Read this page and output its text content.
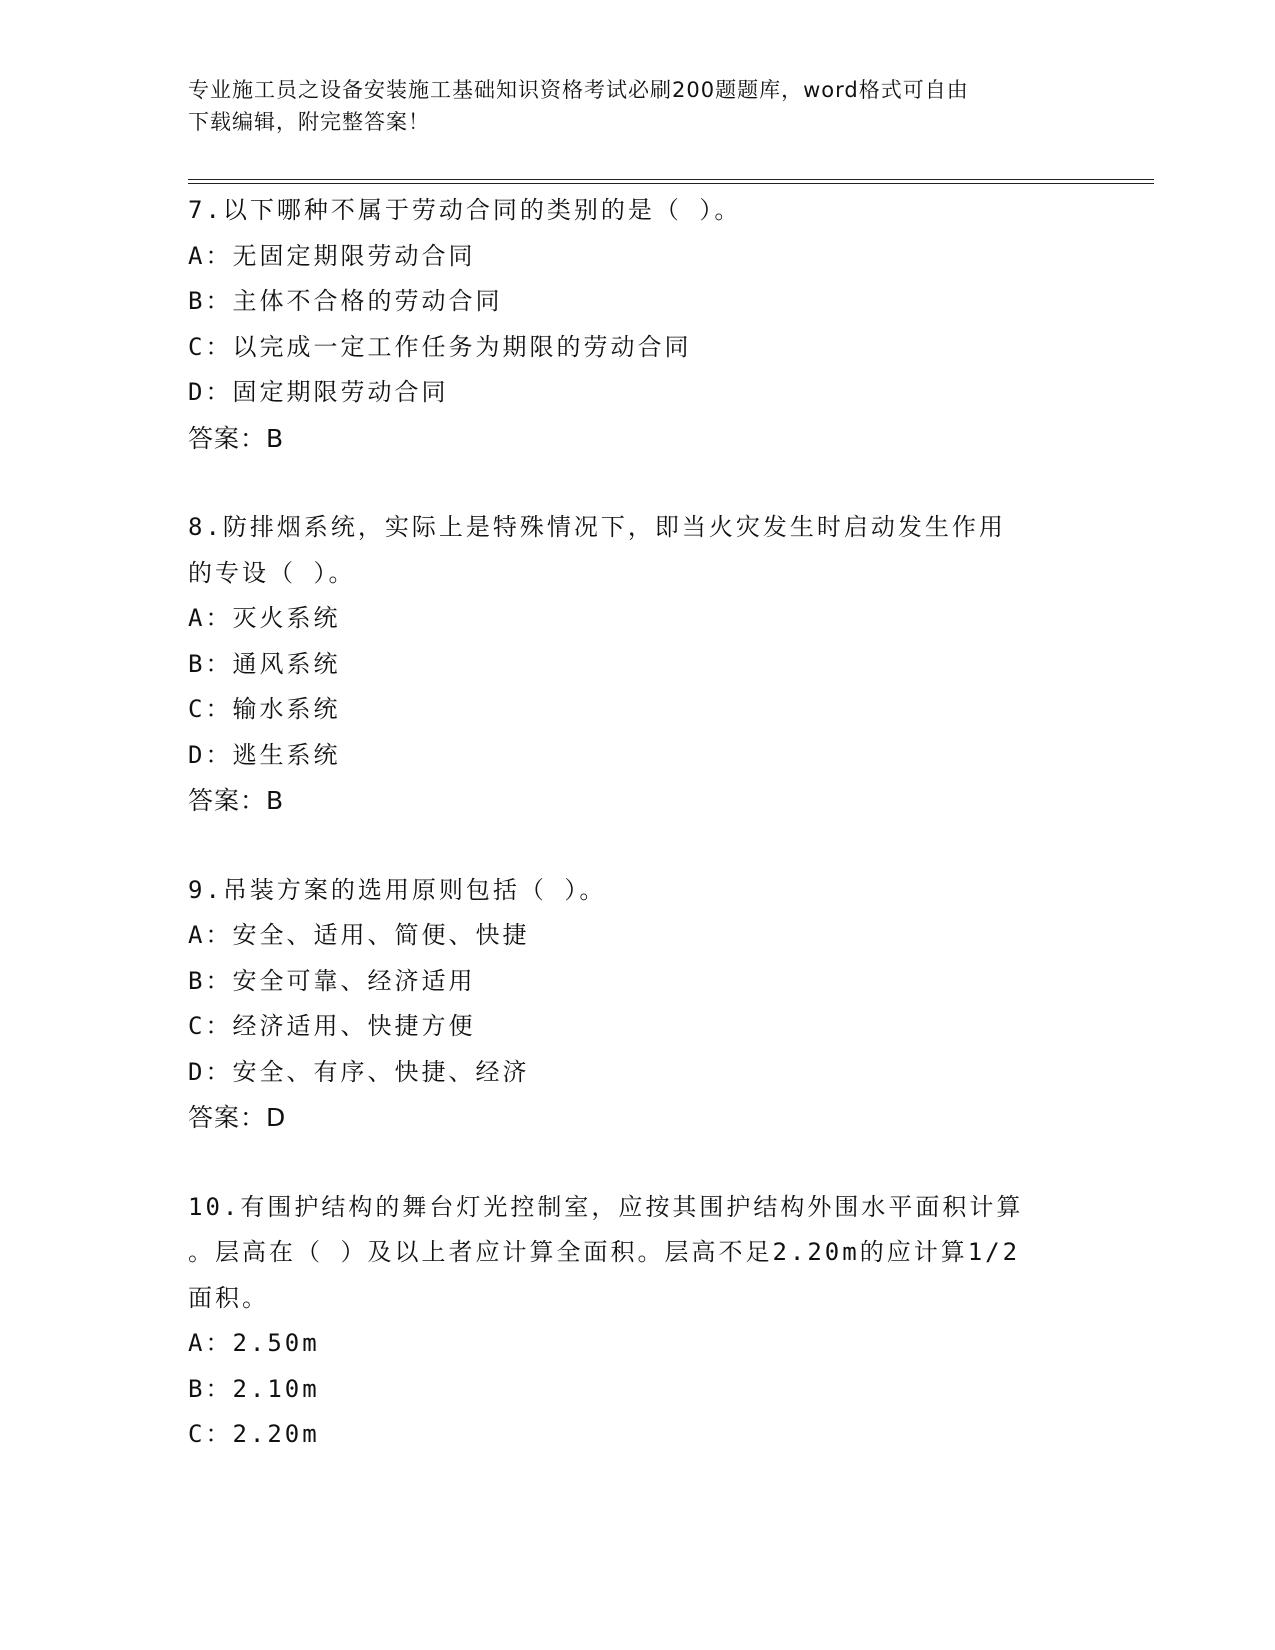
专业施工员之设备安装施工基础知识资格考试必刷200题题库，word格式可自由
下载编辑，附完整答案！
7.以下哪种不属于劳动合同的类别的是（ ）。
A：无固定期限劳动合同
B：主体不合格的劳动合同
C：以完成一定工作任务为期限的劳动合同
D：固定期限劳动合同
答案：B
8.防排烟系统，实际上是特殊情况下，即当火灾发生时启动发生作用
的专设（ ）。
A：灭火系统
B：通风系统
C：输水系统
D：逃生系统
答案：B
9.吊装方案的选用原则包括（ ）。
A：安全、适用、简便、快捷
B：安全可靠、经济适用
C：经济适用、快捷方便
D：安全、有序、快捷、经济
答案：D
10.有围护结构的舞台灯光控制室，应按其围护结构外围水平面积计算
。层高在（ ）及以上者应计算全面积。层高不足2.20m的应计算1/2
面积。
A：2.50m
B：2.10m
C：2.20m
